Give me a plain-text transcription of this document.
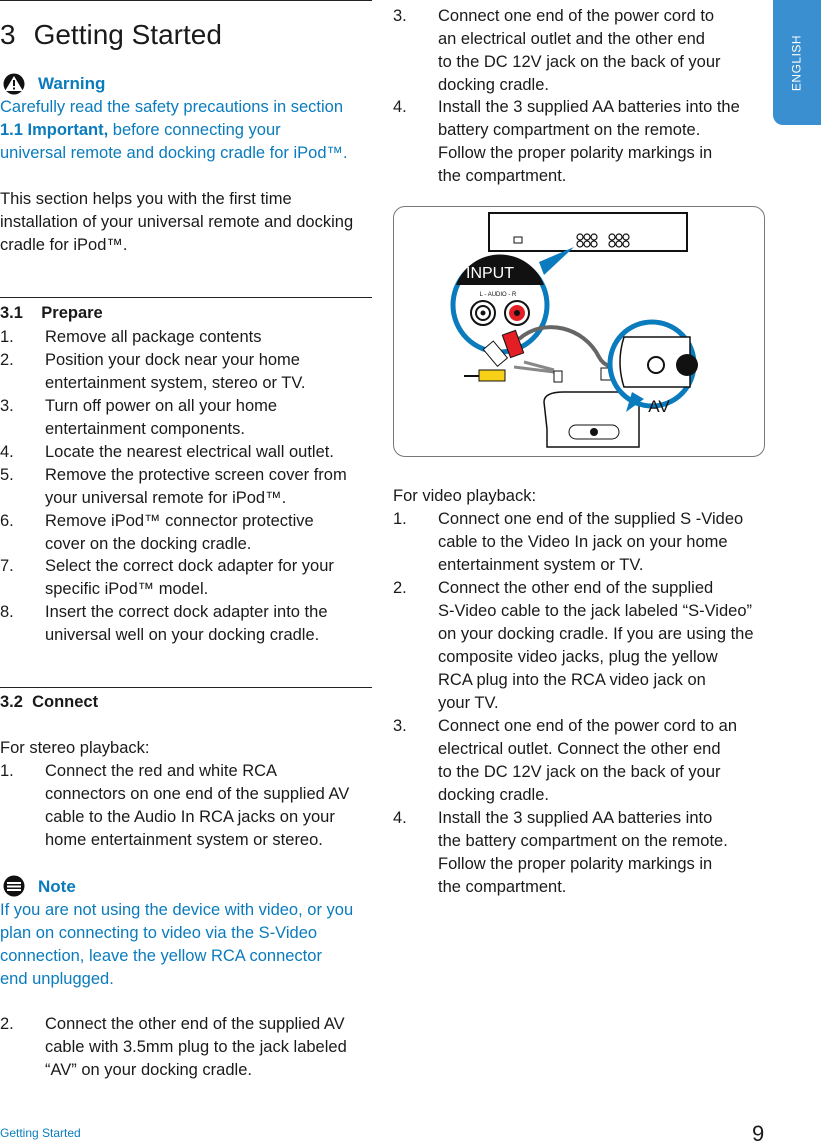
ENGLISH
3 Getting Started
Warning
Carefully read the safety precautions in section
1.1 Important, before connecting your
universal remote and docking cradle for iPod™.
This section helps you with the first time
installation of your universal remote and docking
cradle for iPod™.
3.1    Prepare
1. Remove all package contents
2. Position your dock near your home
entertainment system, stereo or TV.
3. Turn off power on all your home
entertainment components.
4. Locate the nearest electrical wall outlet.
5. Remove the protective screen cover from
your universal remote for iPod™.
6. Remove iPod™ connector protective
cover on the docking cradle.
7. Select the correct dock adapter for your
specific iPod™ model.
8. Insert the correct dock adapter into the
universal well on your docking cradle.
3.2  Connect
For stereo playback:
1. Connect the red and white RCA
connectors on one end of the supplied AV
cable to the Audio In RCA jacks on your
home entertainment system or stereo.
Note
If you are not using the device with video, or you
plan on connecting to video via the S-Video
connection, leave the yellow RCA connector
end unplugged.
2. Connect the other end of the supplied AV
cable with 3.5mm plug to the jack labeled
“AV” on your docking cradle.
3. Connect one end of the power cord to
an electrical outlet and the other end
to the DC 12V jack on the back of your
docking cradle.
4. Install the 3 supplied AA batteries into the
battery compartment on the remote.
Follow the proper polarity markings in
the compartment.
INPUT
L - AUDIO - R
AV
For video playback:
1. Connect one end of the supplied S -Video
cable to the Video In jack on your home
entertainment system or TV.
2. Connect the other end of the supplied
S-Video cable to the jack labeled “S-Video”
on your docking cradle. If you are using the
composite video jacks, plug the yellow
RCA plug into the RCA video jack on
your TV.
3. Connect one end of the power cord to an
electrical outlet. Connect the other end
to the DC 12V jack on the back of your
docking cradle.
4. Install the 3 supplied AA batteries into
the battery compartment on the remote.
Follow the proper polarity markings in
the compartment.
Getting Started	9
